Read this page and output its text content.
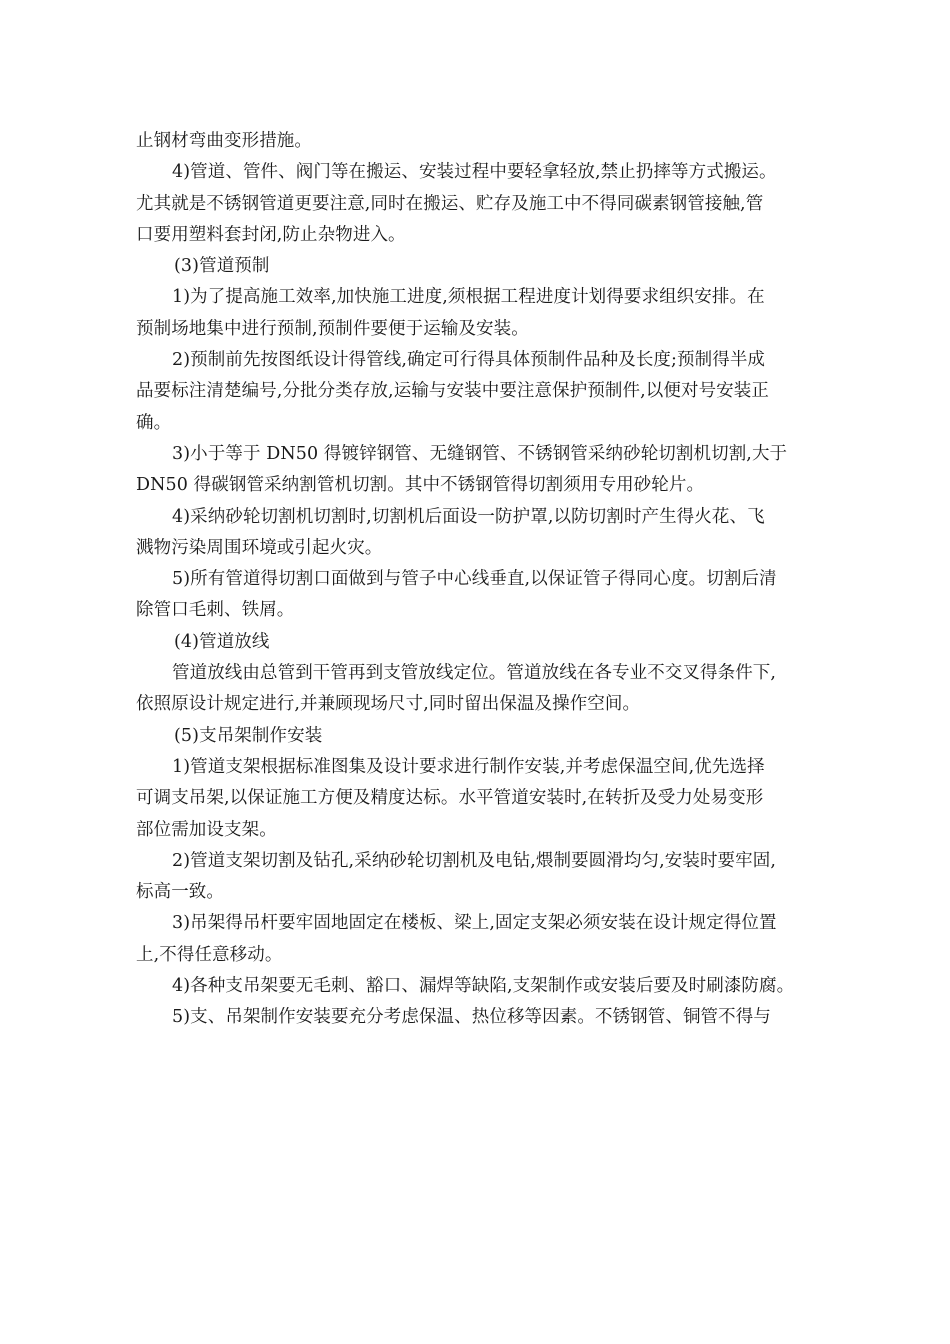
止钢材弯曲变形措施。
4)管道、管件、阀门等在搬运、安装过程中要轻拿轻放,禁止扔摔等方式搬运。
尤其就是不锈钢管道更要注意,同时在搬运、贮存及施工中不得同碳素钢管接触,管
口要用塑料套封闭,防止杂物进入。
(3)管道预制
1)为了提高施工效率,加快施工进度,须根据工程进度计划得要求组织安排。在
预制场地集中进行预制,预制件要便于运输及安装。
2)预制前先按图纸设计得管线,确定可行得具体预制件品种及长度;预制得半成
品要标注清楚编号,分批分类存放,运输与安装中要注意保护预制件,以便对号安装正
确。
3)小于等于 DN50 得镀锌钢管、无缝钢管、不锈钢管采纳砂轮切割机切割,大于
DN50 得碳钢管采纳割管机切割。其中不锈钢管得切割须用专用砂轮片。
4)采纳砂轮切割机切割时,切割机后面设一防护罩,以防切割时产生得火花、飞
溅物污染周围环境或引起火灾。
5)所有管道得切割口面做到与管子中心线垂直,以保证管子得同心度。切割后清
除管口毛刺、铁屑。
(4)管道放线
管道放线由总管到干管再到支管放线定位。管道放线在各专业不交叉得条件下,
依照原设计规定进行,并兼顾现场尺寸,同时留出保温及操作空间。
(5)支吊架制作安装
1)管道支架根据标准图集及设计要求进行制作安装,并考虑保温空间,优先选择
可调支吊架,以保证施工方便及精度达标。水平管道安装时,在转折及受力处易变形
部位需加设支架。
2)管道支架切割及钻孔,采纳砂轮切割机及电钻,煨制要圆滑均匀,安装时要牢固,
标高一致。
3)吊架得吊杆要牢固地固定在楼板、梁上,固定支架必须安装在设计规定得位置
上,不得任意移动。
4)各种支吊架要无毛刺、豁口、漏焊等缺陷,支架制作或安装后要及时刷漆防腐。
5)支、吊架制作安装要充分考虑保温、热位移等因素。不锈钢管、铜管不得与
